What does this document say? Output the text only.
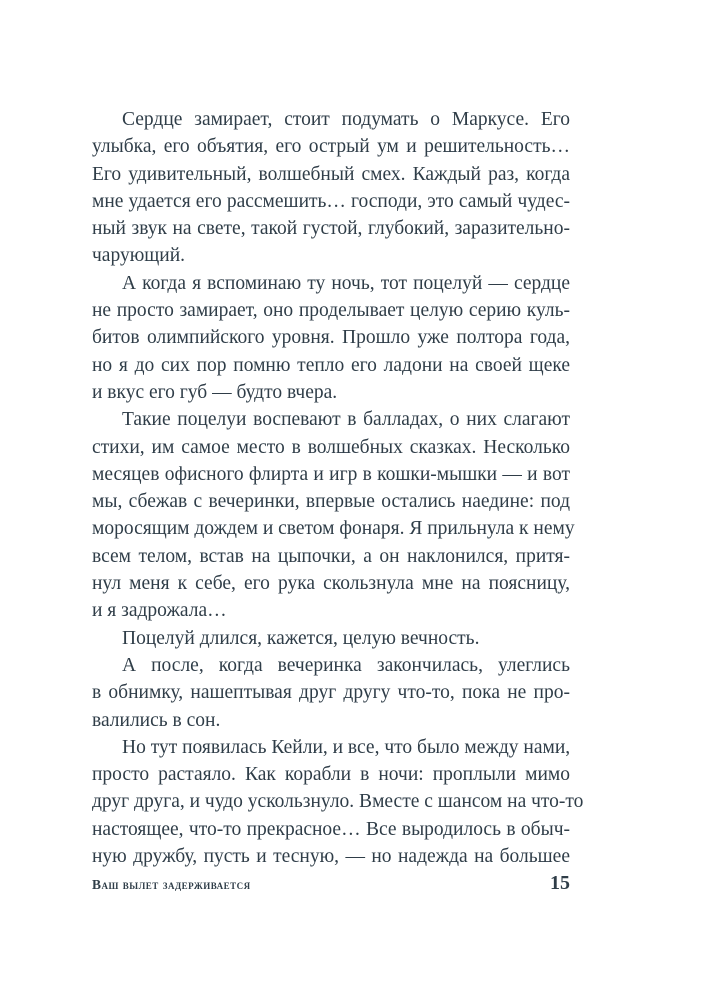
Сердце замирает, стоит подумать о Маркусе. Его
улыбка, его объятия, его острый ум и решительность…
Его удивительный, волшебный смех. Каждый раз, когда
мне удается его рассмешить… господи, это самый чудес-
ный звук на свете, такой густой, глубокий, заразительно-
чарующий.
А когда я вспоминаю ту ночь, тот поцелуй — сердце
не просто замирает, оно проделывает целую серию куль-
битов олимпийского уровня. Прошло уже полтора года,
но я до сих пор помню тепло его ладони на своей щеке
и вкус его губ — будто вчера.
Такие поцелуи воспевают в балладах, о них слагают
стихи, им самое место в волшебных сказках. Несколько
месяцев офисного флирта и игр в кошки-мышки — и вот
мы, сбежав с вечеринки, впервые остались наедине: под
моросящим дождем и светом фонаря. Я прильнула к нему
всем телом, встав на цыпочки, а он наклонился, притя-
нул меня к себе, его рука скользнула мне на поясницу,
и я задрожала…
Поцелуй длился, кажется, целую вечность.
А после, когда вечеринка закончилась, улеглись
в обнимку, нашептывая друг другу что-то, пока не про-
валились в сон.
Но тут появилась Кейли, и все, что было между нами,
просто растаяло. Как корабли в ночи: проплыли мимо
друг друга, и чудо ускользнуло. Вместе с шансом на что-то
настоящее, что-то прекрасное… Все выродилось в обыч-
ную дружбу, пусть и тесную, — но надежда на большее
Ваш вылет задерживается	15
